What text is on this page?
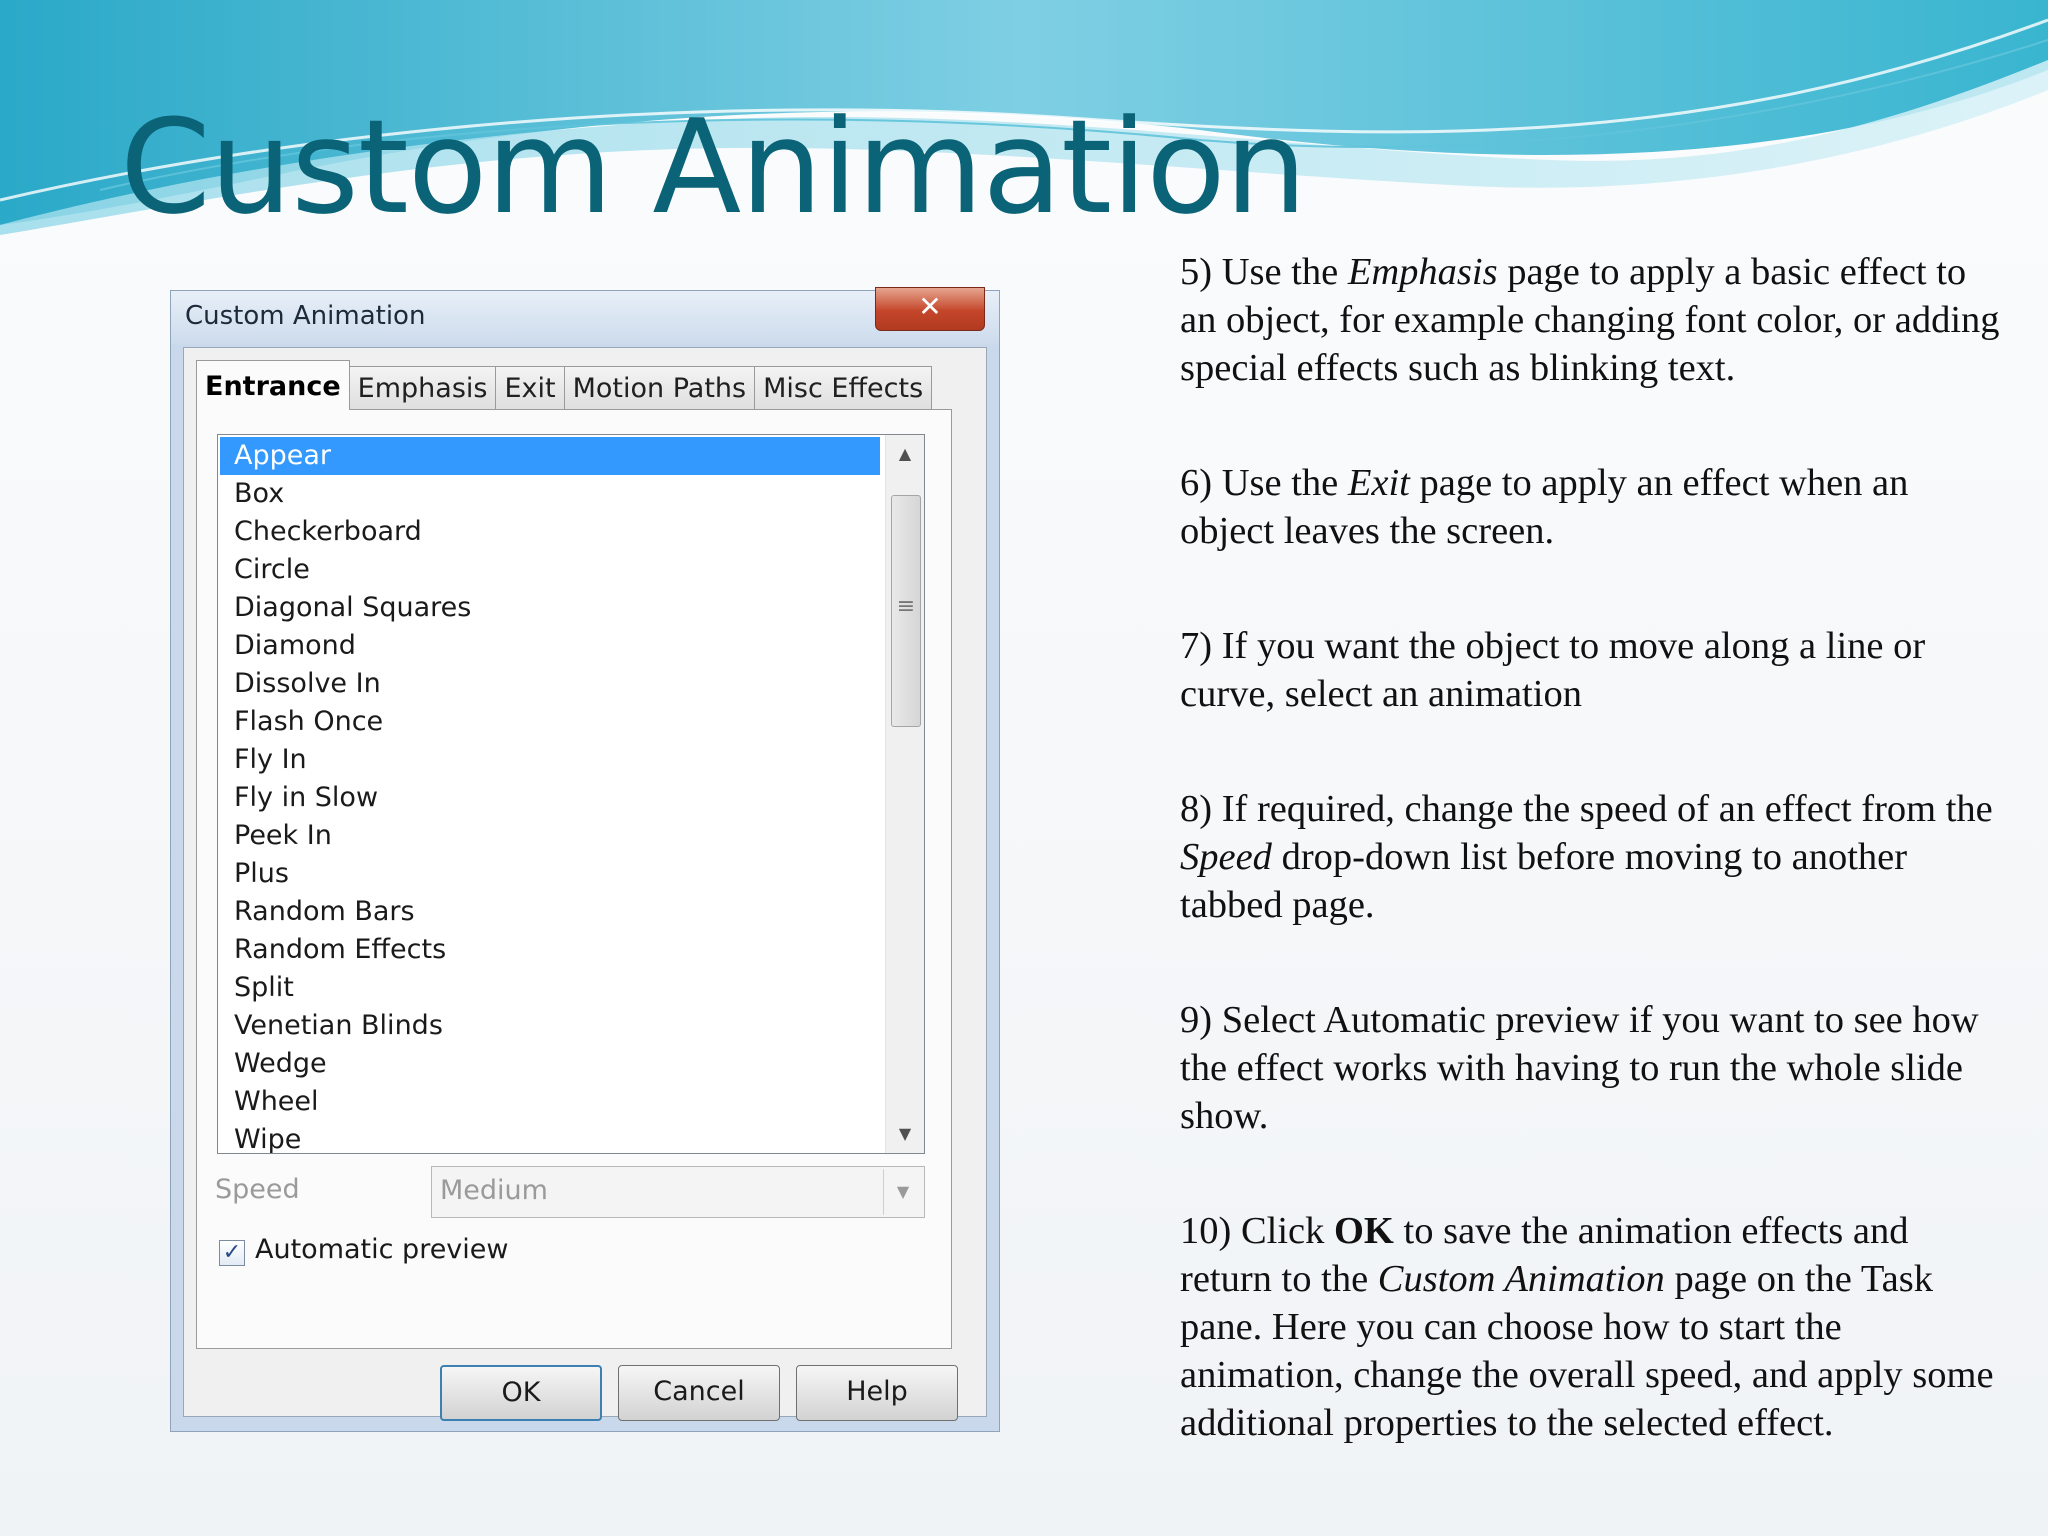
Custom Animation
Custom Animation	✕
Entrance Emphasis Exit Motion Paths Misc Effects
Appear
Box
Checkerboard
Circle
Diagonal Squares
Diamond
Dissolve In
Flash Once
Fly In
Fly in Slow
Peek In
Plus
Random Bars
Random Effects
Split
Venetian Blinds
Wedge
Wheel
Wipe
▲
≡
▼
Speed	Medium	▼
✓ Automatic preview
OK	Cancel	Help

5) Use the Emphasis page to apply a basic effect to an object, for example changing font color, or adding special effects such as blinking text.

6) Use the Exit page to apply an effect when an object leaves the screen.

7) If you want the object to move along a line or curve, select an animation

8) If required, change the speed of an effect from the Speed drop-down list before moving to another tabbed page.

9) Select Automatic preview if you want to see how the effect works with having to run the whole slide show.

10) Click OK to save the animation effects and return to the Custom Animation page on the Task pane. Here you can choose how to start the animation, change the overall speed, and apply some additional properties to the selected effect.
